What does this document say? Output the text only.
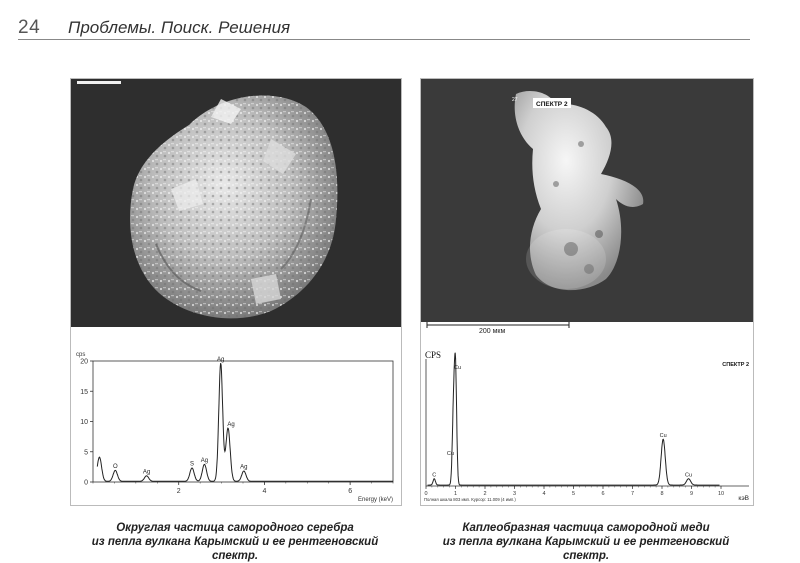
24 Проблемы. Поиск. Решения
cps
20
15
10
5
0
2	4	6
O
Ag
S
Ag
Ag
Ag
Ag
Energy (keV)
Округлая частица самородного серебра
из пепла вулкана Карымский и ее рентгеновский спектр.
27
СПЕКТР 2
200 мкм
CPS
СПЕКТР 2
0	1	2	3	4	5	6	7	8	9	10
C
Cu
Cu
Cu
Cu
кэВ
Полная шкала 803 имп. Курсор: 11.009 (4 имп.)
Каплеобразная частица самородной меди
из пепла вулкана Карымский и ее рентгеновский спектр.
